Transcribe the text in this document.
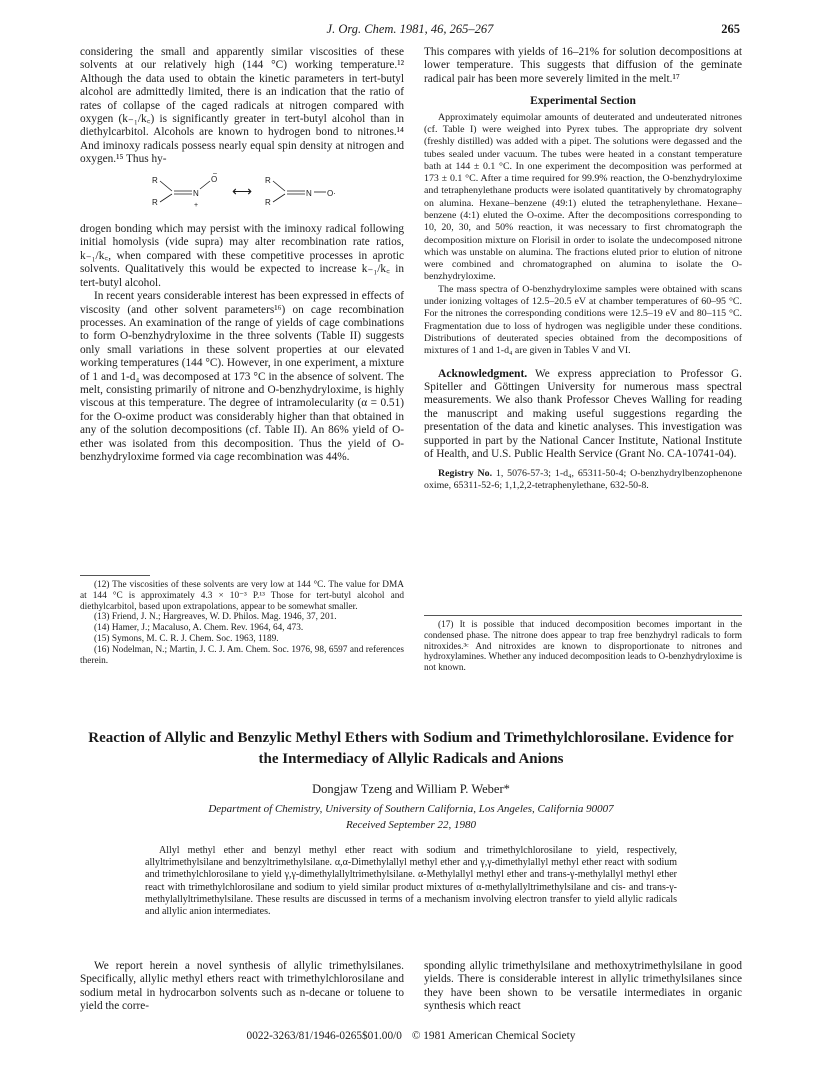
J. Org. Chem. 1981, 46, 265–267	265

considering the small and apparently similar viscosities of these solvents at our relatively high (144 °C) working temperature.¹² Although the data used to obtain the kinetic parameters in tert-butyl alcohol are admittedly limited, there is an indication that the ratio of rates of collapse of the caged radicals at nitrogen compared with oxygen (k₋₁/k꜀) is significantly greater in tert-butyl alcohol than in diethylcarbitol. Alcohols are known to hydrogen bond to nitrones.¹⁴ And iminoxy radicals possess nearly equal spin density at nitrogen and oxygen.¹⁵ Thus hy-

R
R
N
+
O
–
⟷
R
R
N O·

drogen bonding which may persist with the iminoxy radical following initial homolysis (vide supra) may alter recombination rate ratios, k₋₁/k꜀, when compared with these competitive processes in aprotic solvents. Qualitatively this would be expected to increase k₋₁/k꜀ in tert-butyl alcohol.

In recent years considerable interest has been expressed in effects of viscosity (and other solvent parameters¹⁶) on cage recombination processes. An examination of the range of yields of cage combinations to form O-benzhydryloxime in the three solvents (Table II) suggests only small variations in these solvent properties at our elevated working temperatures (144 °C). However, in one experiment, a mixture of 1 and 1-d₄ was decomposed at 173 °C in the absence of solvent. The melt, consisting primarily of nitrone and O-benzhydryloxime, is highly viscous at this temperature. The degree of intramolecularity (α = 0.51) for the O-oxime product was considerably higher than that obtained in any of the solution decompositions (cf. Table II). An 86% yield of O-ether was isolated from this decomposition. Thus the yield of O-benzhydryloxime formed via cage recombination was 44%.

This compares with yields of 16–21% for solution decompositions at lower temperature. This suggests that diffusion of the geminate radical pair has been more severely limited in the melt.¹⁷

Experimental Section

Approximately equimolar amounts of deuterated and undeuterated nitrones (cf. Table I) were weighed into Pyrex tubes. The appropriate dry solvent (freshly distilled) was added with a pipet. The solutions were degassed and the tubes sealed under vacuum. The tubes were heated in a constant temperature bath at 144 ± 0.1 °C. In one experiment the decomposition was performed at 173 ± 0.1 °C. After a time required for 99.9% reaction, the O-benzhydryloxime and tetraphenylethane products were isolated quantitatively by chromatography on alumina. Hexane–benzene (49:1) eluted the tetraphenylethane. Hexane–benzene (4:1) eluted the O-oxime. After the decompositions corresponding to 10, 20, 30, and 50% reaction, it was necessary to first chromatograph the decomposition mixture on Florisil in order to isolate the undecomposed nitrone which was unstable on alumina. The fractions eluted prior to elution of nitrone were combined and chromatographed on alumina to isolate the O-benzhydryloxime.

The mass spectra of O-benzhydryloxime samples were obtained with scans under ionizing voltages of 12.5–20.5 eV at chamber temperatures of 60–95 °C. For the nitrones the corresponding conditions were 12.5–19 eV and 80–115 °C. Fragmentation due to loss of hydrogen was negligible under these conditions. Distributions of deuterated species obtained from the decompositions of mixtures of 1 and 1-d₄ are given in Tables V and VI.

Acknowledgment. We express appreciation to Professor G. Spiteller and Göttingen University for numerous mass spectral measurements. We also thank Professor Cheves Walling for reading the manuscript and making useful suggestions regarding the presentation of the data and kinetic analyses. This investigation was supported in part by the National Cancer Institute, National Institute of Health, and U.S. Public Health Service (Grant No. CA-10741-04).

Registry No. 1, 5076-57-3; 1-d₄, 65311-50-4; O-benzhydrylbenzophenone oxime, 65311-52-6; 1,1,2,2-tetraphenylethane, 632-50-8.

(12) The viscosities of these solvents are very low at 144 °C. The value for DMA at 144 °C is approximately 4.3 × 10⁻³ P.¹³ Those for tert-butyl alcohol and diethylcarbitol, based upon extrapolations, appear to be somewhat smaller.

(13) Friend, J. N.; Hargreaves, W. D. Philos. Mag. 1946, 37, 201.

(14) Hamer, J.; Macaluso, A. Chem. Rev. 1964, 64, 473.

(15) Symons, M. C. R. J. Chem. Soc. 1963, 1189.

(16) Nodelman, N.; Martin, J. C. J. Am. Chem. Soc. 1976, 98, 6597 and references therein.

(17) It is possible that induced decomposition becomes important in the condensed phase. The nitrone does appear to trap free benzhydryl radicals to form nitroxides.³ᶜ And nitroxides are known to disproportionate to nitrones and hydroxylamines. Whether any induced decomposition leads to O-benzhydryloxime is not known.

Reaction of Allylic and Benzylic Methyl Ethers with Sodium and Trimethylchlorosilane. Evidence for the Intermediacy of Allylic Radicals and Anions
Dongjaw Tzeng and William P. Weber*
Department of Chemistry, University of Southern California, Los Angeles, California 90007
Received September 22, 1980

Allyl methyl ether and benzyl methyl ether react with sodium and trimethylchlorosilane to yield, respectively, allyltrimethylsilane and benzyltrimethylsilane. α,α-Dimethylallyl methyl ether and γ,γ-dimethylallyl methyl ether react with sodium and trimethylchlorosilane to yield γ,γ-dimethylallyltrimethylsilane. α-Methylallyl methyl ether and trans-γ-methylallyl methyl ether react with trimethylchlorosilane and sodium to yield similar product mixtures of α-methylallyltrimethylsilane and cis- and trans-γ-methylallyltrimethylsilane. These results are discussed in terms of a mechanism involving electron transfer to yield allylic radicals and allylic anion intermediates.

We report herein a novel synthesis of allylic trimethylsilanes. Specifically, allylic methyl ethers react with trimethylchlorosilane and sodium metal in hydrocarbon solvents such as n-decane or toluene to yield the corre-

sponding allylic trimethylsilane and methoxytrimethylsilane in good yields. There is considerable interest in allylic trimethylsilanes since they have been shown to be versatile intermediates in organic synthesis which react

0022-3263/81/1946-0265$01.00/0 © 1981 American Chemical Society
